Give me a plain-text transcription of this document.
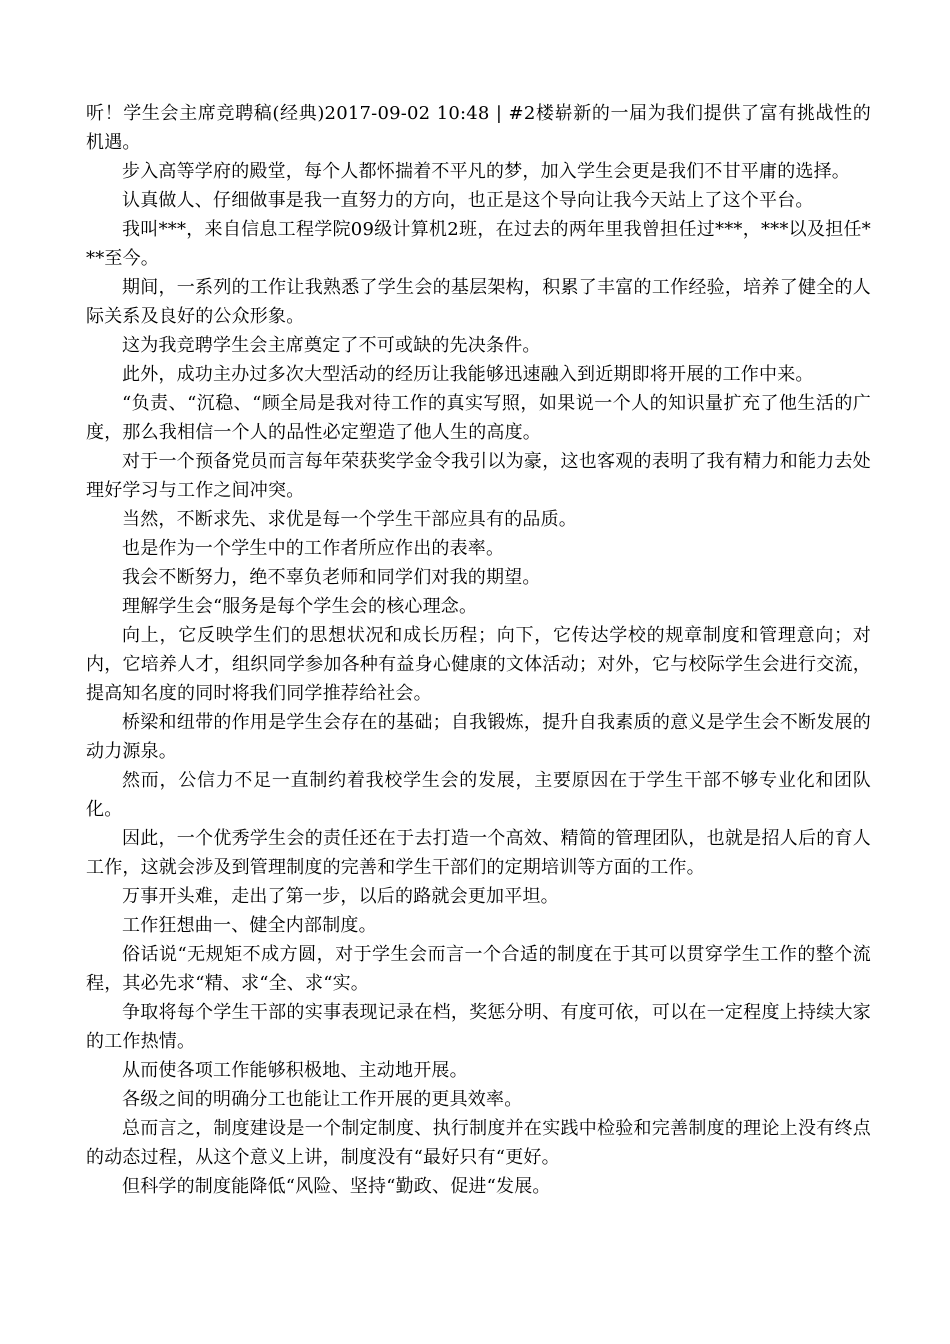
听！学生会主席竞聘稿(经典)2017-09-02 10:48 | #2楼崭新的一届为我们提供了富有挑战性的机遇。

步入高等学府的殿堂，每个人都怀揣着不平凡的梦，加入学生会更是我们不甘平庸的选择。

认真做人、仔细做事是我一直努力的方向，也正是这个导向让我今天站上了这个平台。

我叫***，来自信息工程学院09级计算机2班，在过去的两年里我曾担任过***，***以及担任***至今。

期间，一系列的工作让我熟悉了学生会的基层架构，积累了丰富的工作经验，培养了健全的人际关系及良好的公众形象。

这为我竞聘学生会主席奠定了不可或缺的先决条件。

此外，成功主办过多次大型活动的经历让我能够迅速融入到近期即将开展的工作中来。

“负责、“沉稳、“顾全局是我对待工作的真实写照，如果说一个人的知识量扩充了他生活的广度，那么我相信一个人的品性必定塑造了他人生的高度。

对于一个预备党员而言每年荣获奖学金令我引以为豪，这也客观的表明了我有精力和能力去处理好学习与工作之间冲突。

当然，不断求先、求优是每一个学生干部应具有的品质。

也是作为一个学生中的工作者所应作出的表率。

我会不断努力，绝不辜负老师和同学们对我的期望。

理解学生会“服务是每个学生会的核心理念。

向上，它反映学生们的思想状况和成长历程；向下，它传达学校的规章制度和管理意向；对内，它培养人才，组织同学参加各种有益身心健康的文体活动；对外，它与校际学生会进行交流，提高知名度的同时将我们同学推荐给社会。

桥梁和纽带的作用是学生会存在的基础；自我锻炼，提升自我素质的意义是学生会不断发展的动力源泉。

然而，公信力不足一直制约着我校学生会的发展，主要原因在于学生干部不够专业化和团队化。

因此，一个优秀学生会的责任还在于去打造一个高效、精简的管理团队，也就是招人后的育人工作，这就会涉及到管理制度的完善和学生干部们的定期培训等方面的工作。

万事开头难，走出了第一步，以后的路就会更加平坦。

工作狂想曲一、健全内部制度。

俗话说“无规矩不成方圆，对于学生会而言一个合适的制度在于其可以贯穿学生工作的整个流程，其必先求“精、求“全、求“实。

争取将每个学生干部的实事表现记录在档，奖惩分明、有度可依，可以在一定程度上持续大家的工作热情。

从而使各项工作能够积极地、主动地开展。

各级之间的明确分工也能让工作开展的更具效率。

总而言之，制度建设是一个制定制度、执行制度并在实践中检验和完善制度的理论上没有终点的动态过程，从这个意义上讲，制度没有“最好只有“更好。

但科学的制度能降低“风险、坚持“勤政、促进“发展。
